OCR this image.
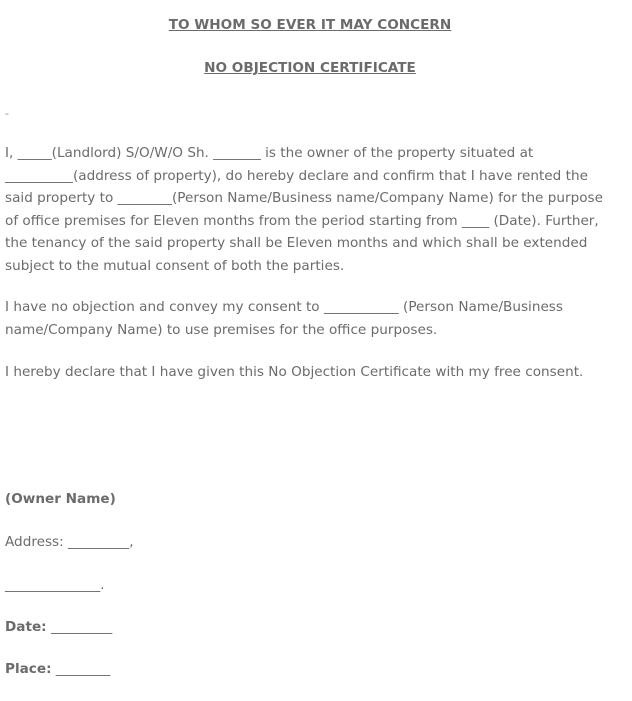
TO WHOM SO EVER IT MAY CONCERN

NO OBJECTION CERTIFICATE

-

I, _____(Landlord) S/O/W/O Sh. _______ is the owner of the property situated at __________(address of property), do hereby declare and confirm that I have rented the said property to ________(Person Name/Business name/Company Name) for the purpose of office premises for Eleven months from the period starting from ____ (Date). Further, the tenancy of the said property shall be Eleven months and which shall be extended subject to the mutual consent of both the parties.

I have no objection and convey my consent to ___________ (Person Name/Business name/Company Name) to use premises for the office purposes.

I hereby declare that I have given this No Objection Certificate with my free consent.

(Owner Name)

Address: _________,

______________.

Date: _________

Place: ________
